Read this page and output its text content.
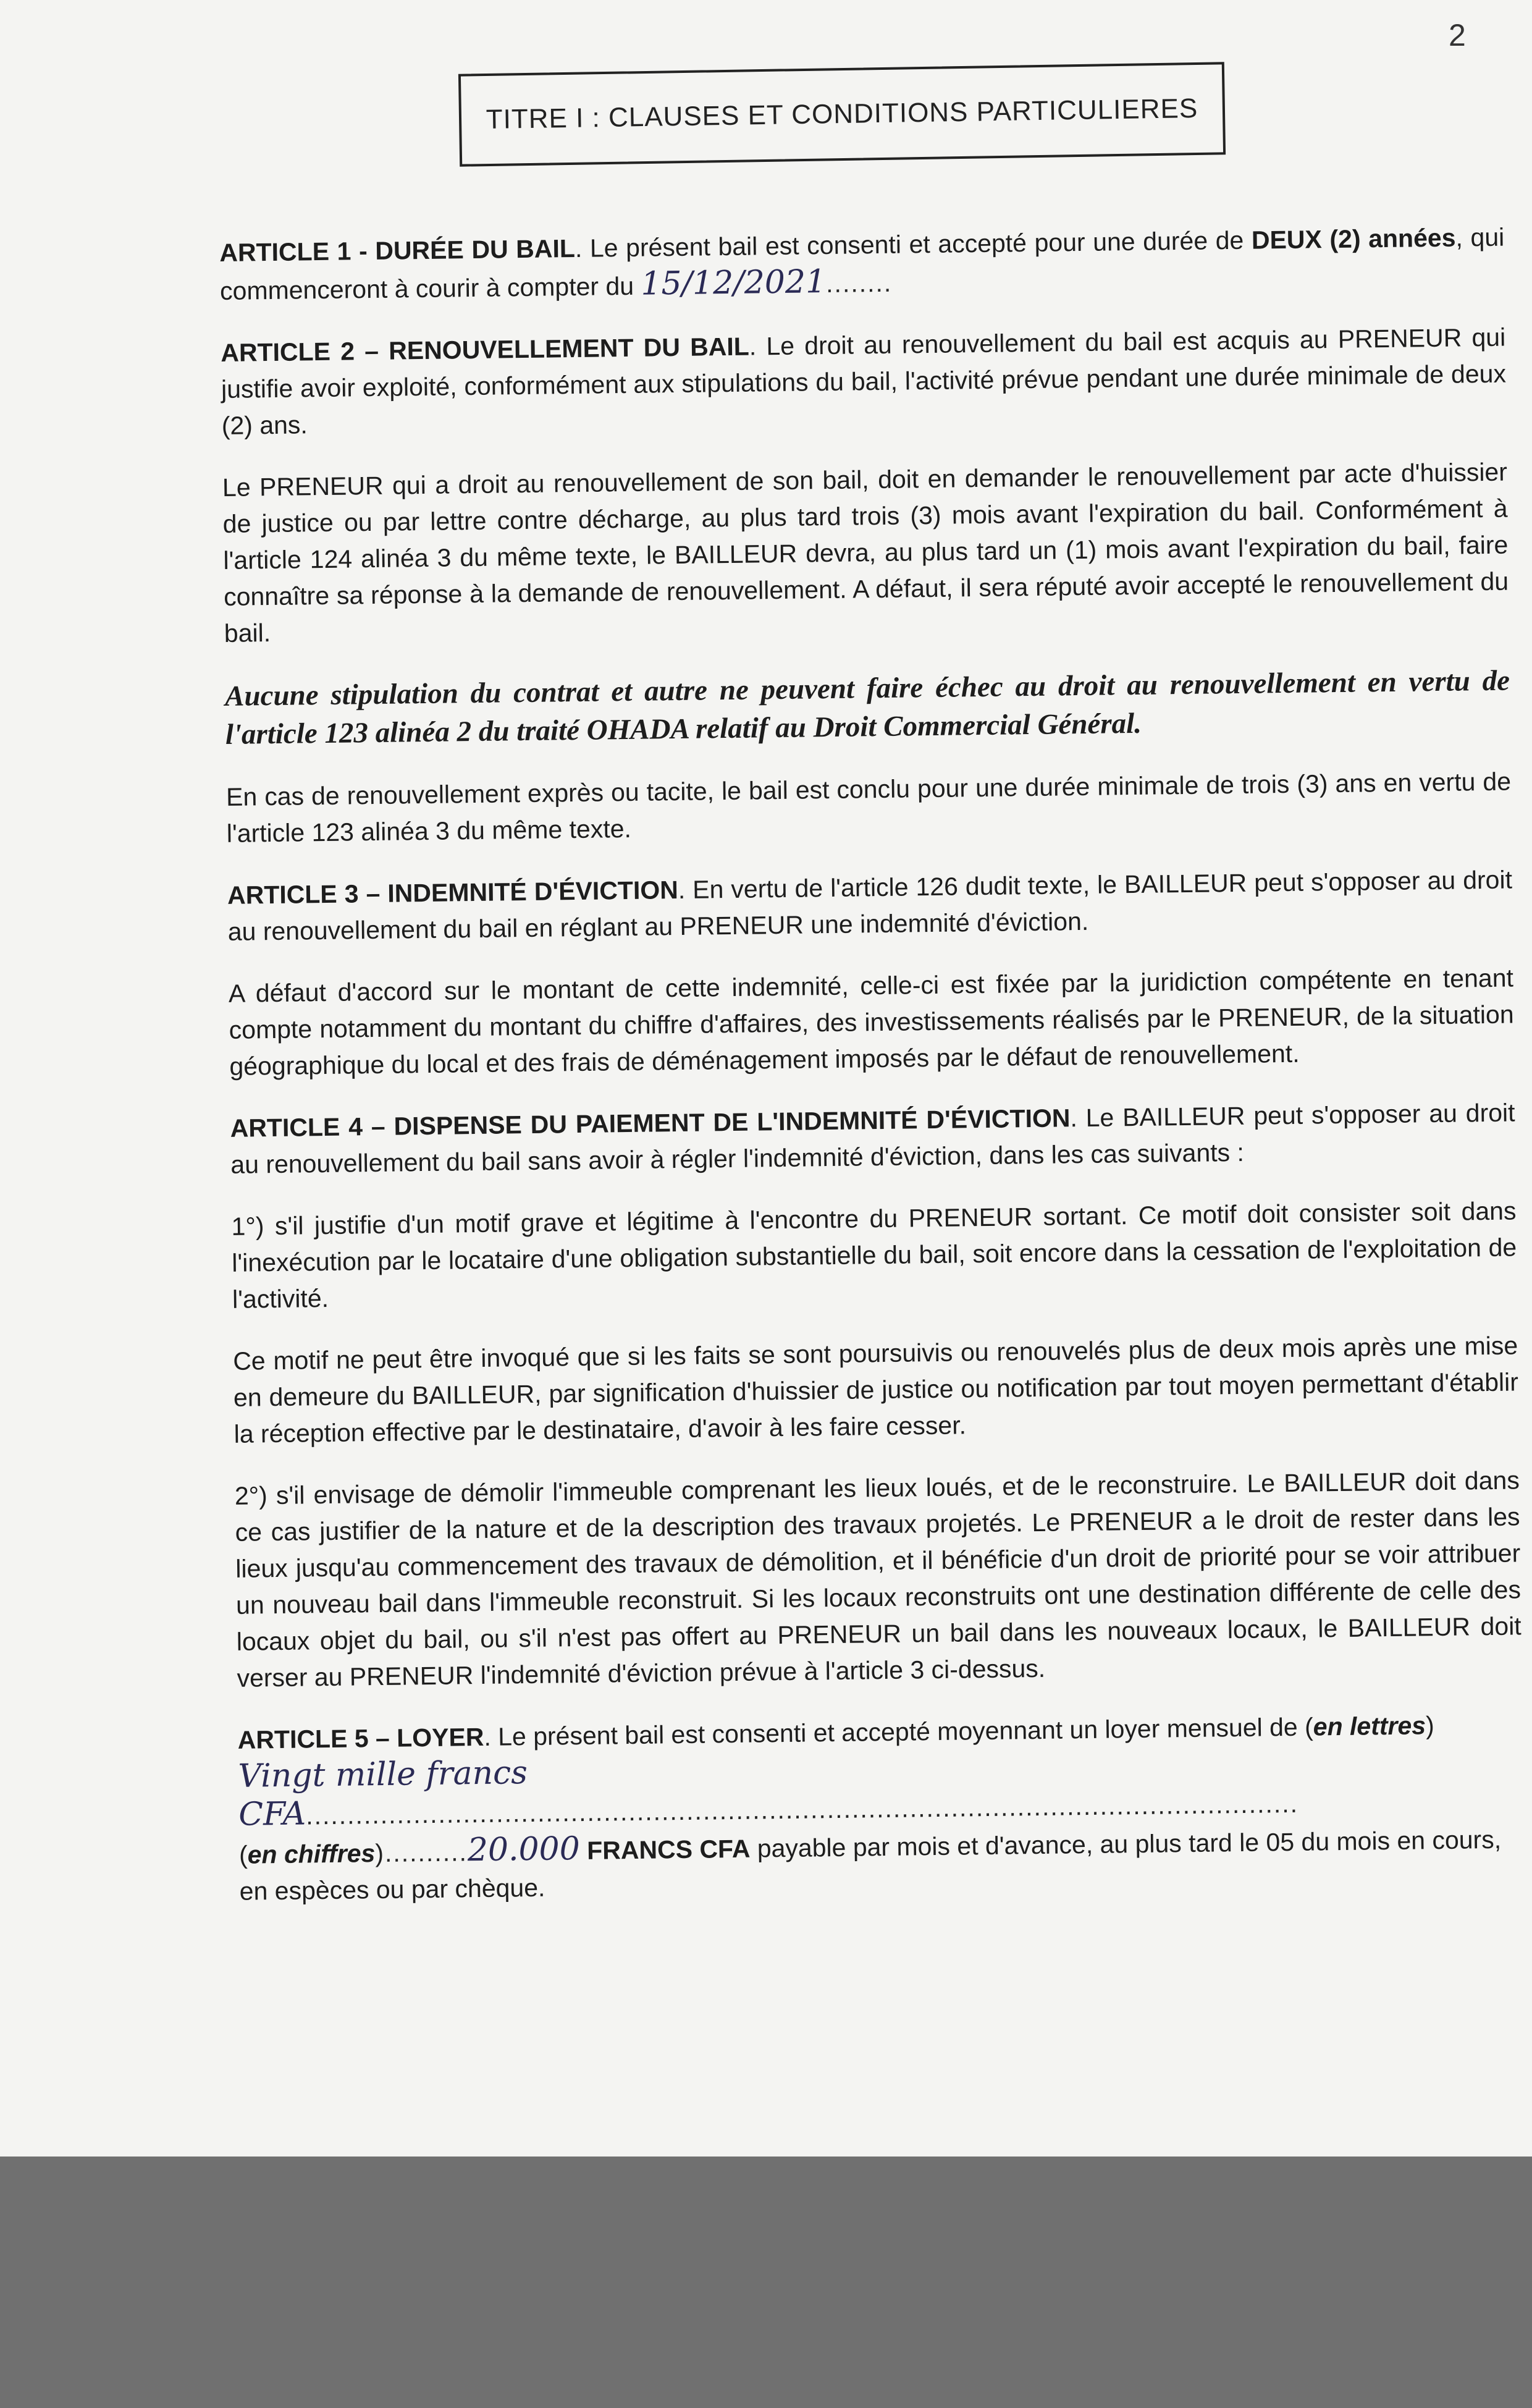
2
TITRE I : CLAUSES ET CONDITIONS PARTICULIERES

ARTICLE 1 - DURÉE DU BAIL. Le présent bail est consenti et accepté pour une durée de DEUX (2) années, qui commenceront à courir à compter du 15/12/2021........

ARTICLE 2 – RENOUVELLEMENT DU BAIL. Le droit au renouvellement du bail est acquis au PRENEUR qui justifie avoir exploité, conformément aux stipulations du bail, l'activité prévue pendant une durée minimale de deux (2) ans.

Le PRENEUR qui a droit au renouvellement de son bail, doit en demander le renouvellement par acte d'huissier de justice ou par lettre contre décharge, au plus tard trois (3) mois avant l'expiration du bail. Conformément à l'article 124 alinéa 3 du même texte, le BAILLEUR devra, au plus tard un (1) mois avant l'expiration du bail, faire connaître sa réponse à la demande de renouvellement. A défaut, il sera réputé avoir accepté le renouvellement du bail.

Aucune stipulation du contrat et autre ne peuvent faire échec au droit au renouvellement en vertu de l'article 123 alinéa 2 du traité OHADA relatif au Droit Commercial Général.

En cas de renouvellement exprès ou tacite, le bail est conclu pour une durée minimale de trois (3) ans en vertu de l'article 123 alinéa 3 du même texte.

ARTICLE 3 – INDEMNITÉ D'ÉVICTION. En vertu de l'article 126 dudit texte, le BAILLEUR peut s'opposer au droit au renouvellement du bail en réglant au PRENEUR une indemnité d'éviction.

A défaut d'accord sur le montant de cette indemnité, celle-ci est fixée par la juridiction compétente en tenant compte notamment du montant du chiffre d'affaires, des investissements réalisés par le PRENEUR, de la situation géographique du local et des frais de déménagement imposés par le défaut de renouvellement.

ARTICLE 4 – DISPENSE DU PAIEMENT DE L'INDEMNITÉ D'ÉVICTION. Le BAILLEUR peut s'opposer au droit au renouvellement du bail sans avoir à régler l'indemnité d'éviction, dans les cas suivants :

1°) s'il justifie d'un motif grave et légitime à l'encontre du PRENEUR sortant. Ce motif doit consister soit dans l'inexécution par le locataire d'une obligation substantielle du bail, soit encore dans la cessation de l'exploitation de l'activité.

Ce motif ne peut être invoqué que si les faits se sont poursuivis ou renouvelés plus de deux mois après une mise en demeure du BAILLEUR, par signification d'huissier de justice ou notification par tout moyen permettant d'établir la réception effective par le destinataire, d'avoir à les faire cesser.

2°) s'il envisage de démolir l'immeuble comprenant les lieux loués, et de le reconstruire. Le BAILLEUR doit dans ce cas justifier de la nature et de la description des travaux projetés. Le PRENEUR a le droit de rester dans les lieux jusqu'au commencement des travaux de démolition, et il bénéficie d'un droit de priorité pour se voir attribuer un nouveau bail dans l'immeuble reconstruit. Si les locaux reconstruits ont une destination différente de celle des locaux objet du bail, ou s'il n'est pas offert au PRENEUR un bail dans les nouveaux locaux, le BAILLEUR doit verser au PRENEUR l'indemnité d'éviction prévue à l'article 3 ci-dessus.

ARTICLE 5 – LOYER. Le présent bail est consenti et accepté moyennant un loyer mensuel de (en lettres)
Vingt mille francs CFA........................................................................................................................
(en chiffres)..........20.000 FRANCS CFA payable par mois et d'avance, au plus tard le 05 du mois en cours, en espèces ou par chèque.
